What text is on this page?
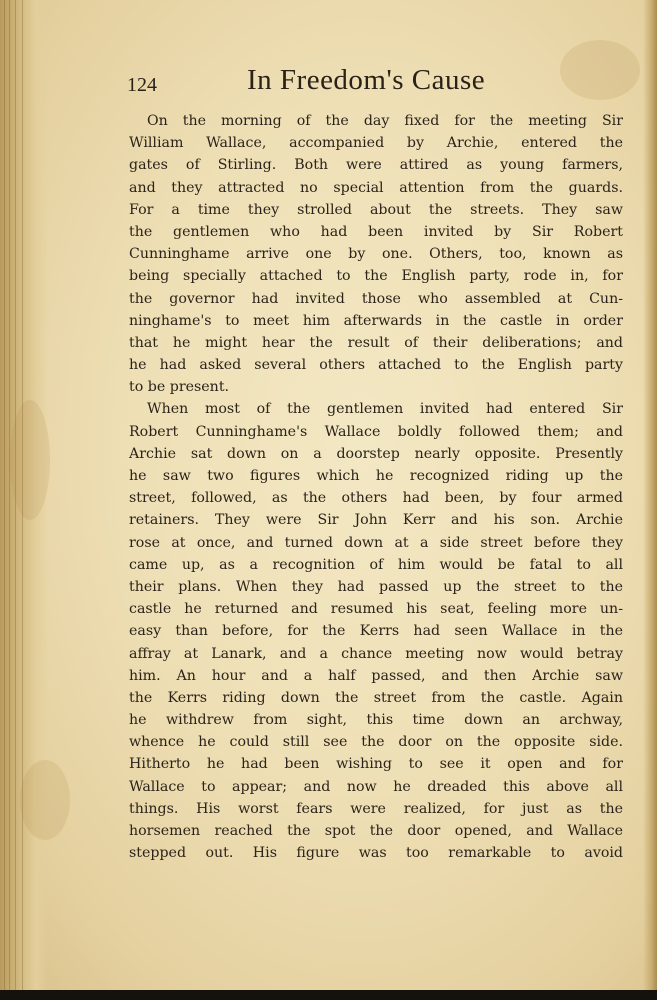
124	In Freedom's Cause
On the morning of the day fixed for the meeting Sir
William Wallace, accompanied by Archie, entered the
gates of Stirling. Both were attired as young farmers,
and they attracted no special attention from the guards.
For a time they strolled about the streets. They saw
the gentlemen who had been invited by Sir Robert
Cunninghame arrive one by one. Others, too, known as
being specially attached to the English party, rode in, for
the governor had invited those who assembled at Cun-
ninghame's to meet him afterwards in the castle in order
that he might hear the result of their deliberations; and
he had asked several others attached to the English party
to be present.
When most of the gentlemen invited had entered Sir
Robert Cunninghame's Wallace boldly followed them; and
Archie sat down on a doorstep nearly opposite. Presently
he saw two figures which he recognized riding up the
street, followed, as the others had been, by four armed
retainers. They were Sir John Kerr and his son. Archie
rose at once, and turned down at a side street before they
came up, as a recognition of him would be fatal to all
their plans. When they had passed up the street to the
castle he returned and resumed his seat, feeling more un-
easy than before, for the Kerrs had seen Wallace in the
affray at Lanark, and a chance meeting now would betray
him. An hour and a half passed, and then Archie saw
the Kerrs riding down the street from the castle. Again
he withdrew from sight, this time down an archway,
whence he could still see the door on the opposite side.
Hitherto he had been wishing to see it open and for
Wallace to appear; and now he dreaded this above all
things. His worst fears were realized, for just as the
horsemen reached the spot the door opened, and Wallace
stepped out. His figure was too remarkable to avoid
